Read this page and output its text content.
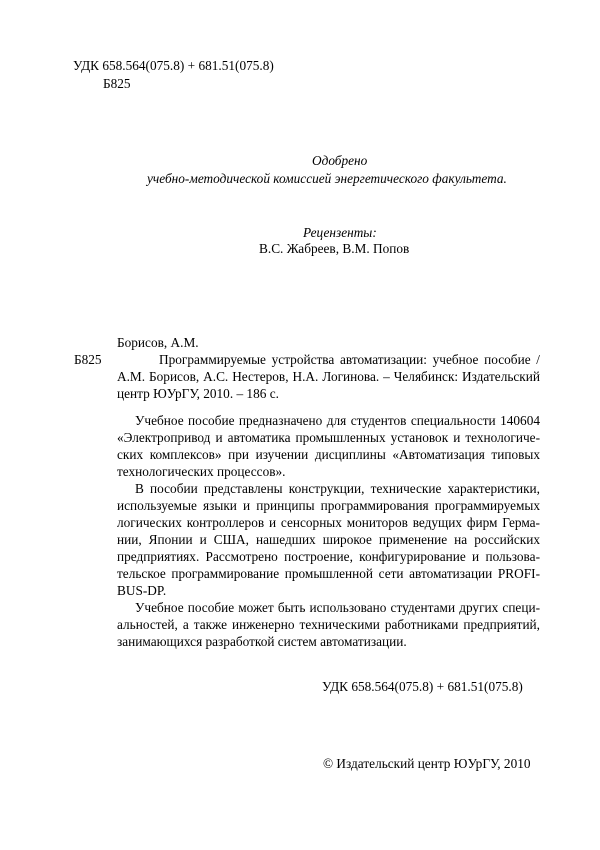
УДК 658.564(075.8) + 681.51(075.8)
Б825
Одобрено
учебно-методической комиссией энергетического факультета.
Рецензенты:
В.С. Жабреев, В.М. Попов
Борисов, А.М.
Б825	Программируемые устройства автоматизации: учебное пособие /
А.М. Борисов, А.С. Нестеров, Н.А. Логинова. – Челябинск: Издательский
центр ЮУрГУ, 2010. – 186 с.
Учебное пособие предназначено для студентов специальности 140604
«Электропривод и автоматика промышленных установок и технологиче-
ских комплексов» при изучении дисциплины «Автоматизация типовых
технологических процессов».
В пособии представлены конструкции, технические характеристики,
используемые языки и принципы программирования программируемых
логических контроллеров и сенсорных мониторов ведущих фирм Герма-
нии, Японии и США, нашедших широкое применение на российских
предприятиях. Рассмотрено построение, конфигурирование и пользова-
тельское программирование промышленной сети автоматизации PROFI-
BUS-DP.
Учебное пособие может быть использовано студентами других специ-
альностей, а также инженерно техническими работниками предприятий,
занимающихся разработкой систем автоматизации.
УДК 658.564(075.8) + 681.51(075.8)
© Издательский центр ЮУрГУ, 2010
